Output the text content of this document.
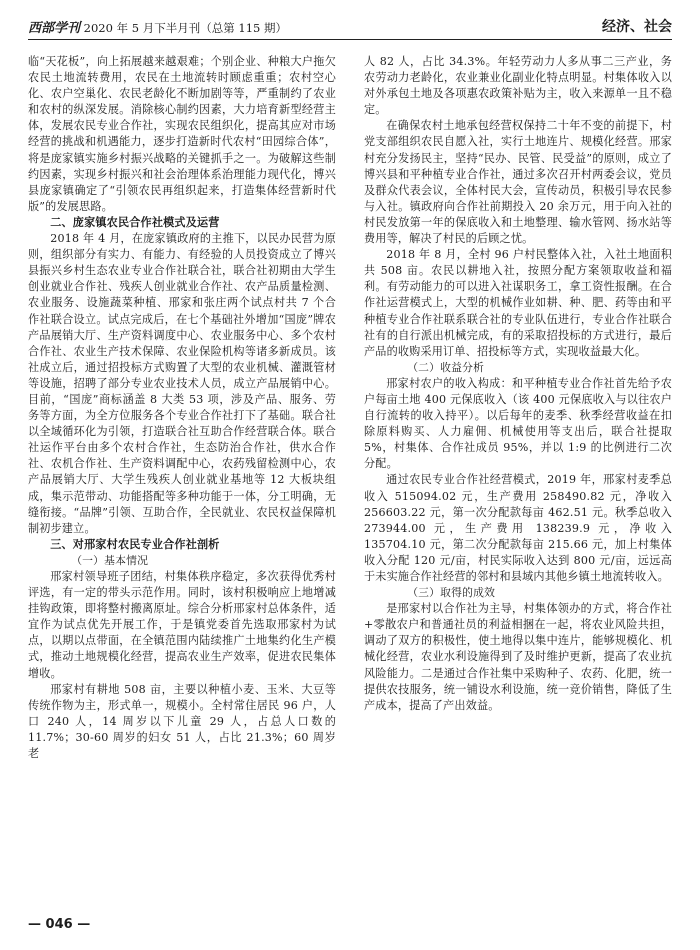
西部学刊 2020 年 5 月下半月刊（总第 115 期）	经济、社会

临“天花板”，向上拓展越来越艰难；个别企业、种粮大户拖欠农民土地流转费用，农民在土地流转时顾虑重重；农村空心化、农户空巢化、农民老龄化不断加剧等等，严重制约了农业和农村的纵深发展。消除核心制约因素，大力培育新型经营主体，发展农民专业合作社，实现农民组织化，提高其应对市场经营的挑战和机遇能力，逐步打造新时代农村“田园综合体”，将是庞家镇实施乡村振兴战略的关键抓手之一。为破解这些制约因素，实现乡村振兴和社会治理体系治理能力现代化，博兴县庞家镇确定了“引领农民再组织起来，打造集体经营新时代版”的发展思路。

二、庞家镇农民合作社模式及运营

2018 年 4 月，在庞家镇政府的主推下，以民办民营为原则，组织部分有实力、有能力、有经验的人员投资成立了博兴县振兴乡村生态农业专业合作社联合社，联合社初期由大学生创业就业合作社、残疾人创业就业合作社、农产品质量检测、农业服务、设施蔬菜种植、邢家和张庄两个试点村共 7 个合作社联合设立。试点完成后，在七个基础社外增加“国庞”牌农产品展销大厅、生产资料调度中心、农业服务中心、多个农村合作社、农业生产技术保障、农业保险机构等诸多新成员。该社成立后，通过招投标方式购置了大型的农业机械、灌溉管材等设施，招聘了部分专业农业技术人员，成立产品展销中心。目前，“国庞”商标涵盖 8 大类 53 项，涉及产品、服务、劳务等方面，为全方位服务各个专业合作社打下了基础。联合社以全域循环化为引领，打造联合社互助合作经营联合体。联合社运作平台由多个农村合作社，生态防治合作社，供水合作社、农机合作社、生产资料调配中心，农药残留检测中心，农产品展销大厅、大学生残疾人创业就业基地等 12 大板块组成，集示范带动、功能搭配等多种功能于一体，分工明确，无缝衔接。“品牌”引领、互助合作，全民就业、农民权益保障机制初步建立。

三、对邢家村农民专业合作社剖析
（一）基本情况

邢家村领导班子团结，村集体秩序稳定，多次获得优秀村评选，有一定的带头示范作用。同时，该村积极响应上地增减挂钩政策，即将整村搬离原址。综合分析邢家村总体条件，适宜作为试点优先开展工作，于是镇党委首先选取邢家村为试点，以期以点带面，在全镇范围内陆续推广土地集约化生产模式，推动土地规模化经营，提高农业生产效率，促进农民集体增收。

邢家村有耕地 508 亩，主要以种植小麦、玉米、大豆等传统作物为主，形式单一，规模小。全村常住居民 96 户，人口 240 人，14 周岁以下儿童 29 人，占总人口数的 11.7%；30-60 周岁的妇女 51 人，占比 21.3%；60 周岁老

人 82 人，占比 34.3%。年轻劳动力人多从事二三产业，务农劳动力老龄化，农业兼业化副业化特点明显。村集体收入以对外承包土地及各项惠农政策补贴为主，收入来源单一且不稳定。

在确保农村土地承包经营权保持二十年不变的前提下，村党支部组织农民自愿入社，实行土地连片、规模化经营。邢家村充分发扬民主，坚持“民办、民管、民受益”的原则，成立了博兴县和平种植专业合作社，通过多次召开村两委会议，党员及群众代表会议，全体村民大会，宣传动员，积极引导农民参与入社。镇政府向合作社前期投入 20 余万元，用于向入社的村民发放第一年的保底收入和土地整理、输水管网、扬水站等费用等，解决了村民的后顾之忧。

2018 年 8 月，全村 96 户村民整体入社，入社土地面积共 508 亩。农民以耕地入社，按照分配方案领取收益和福利。有劳动能力的可以进入社谋职务工，拿工资性报酬。在合作社运营模式上，大型的机械作业如耕、种、肥、药等由和平种植专业合作社联系联合社的专业队伍进行，专业合作社联合社有的自行派出机械完成，有的采取招投标的方式进行，最后产品的收购采用订单、招投标等方式，实现收益最大化。

（二）收益分析

邢家村农户的收入构成：和平种植专业合作社首先给予农户每亩土地 400 元保底收入（该 400 元保底收入与以往农户自行流转的收入持平）。以后每年的麦季、秋季经营收益在扣除原料购买、人力雇佣、机械使用等支出后，联合社提取 5%，村集体、合作社成员 95%，并以 1:9 的比例进行二次分配。

通过农民专业合作社经营模式，2019 年，邢家村麦季总收入 515094.02 元，生产费用 258490.82 元，净收入 256603.22 元，第一次分配款每亩 462.51 元。秋季总收入 273944.00 元，生产费用 138239.9 元，净收入 135704.10 元，第二次分配款每亩 215.66 元，加上村集体收入分配 120 元/亩，村民实际收入达到 800 元/亩，远远高于未实施合作社经营的邻村和县域内其他乡镇土地流转收入。

（三）取得的成效

是邢家村以合作社为主导，村集体领办的方式，将合作社+零散农户和普通社员的利益相捆在一起，将农业风险共担，调动了双方的积极性，使土地得以集中连片，能够规模化、机械化经营，农业水利设施得到了及时维护更新，提高了农业抗风险能力。二是通过合作社集中采购种子、农药、化肥，统一提供农技服务，统一铺设水利设施，统一竞价销售，降低了生产成本，提高了产出效益。

— 046 —
